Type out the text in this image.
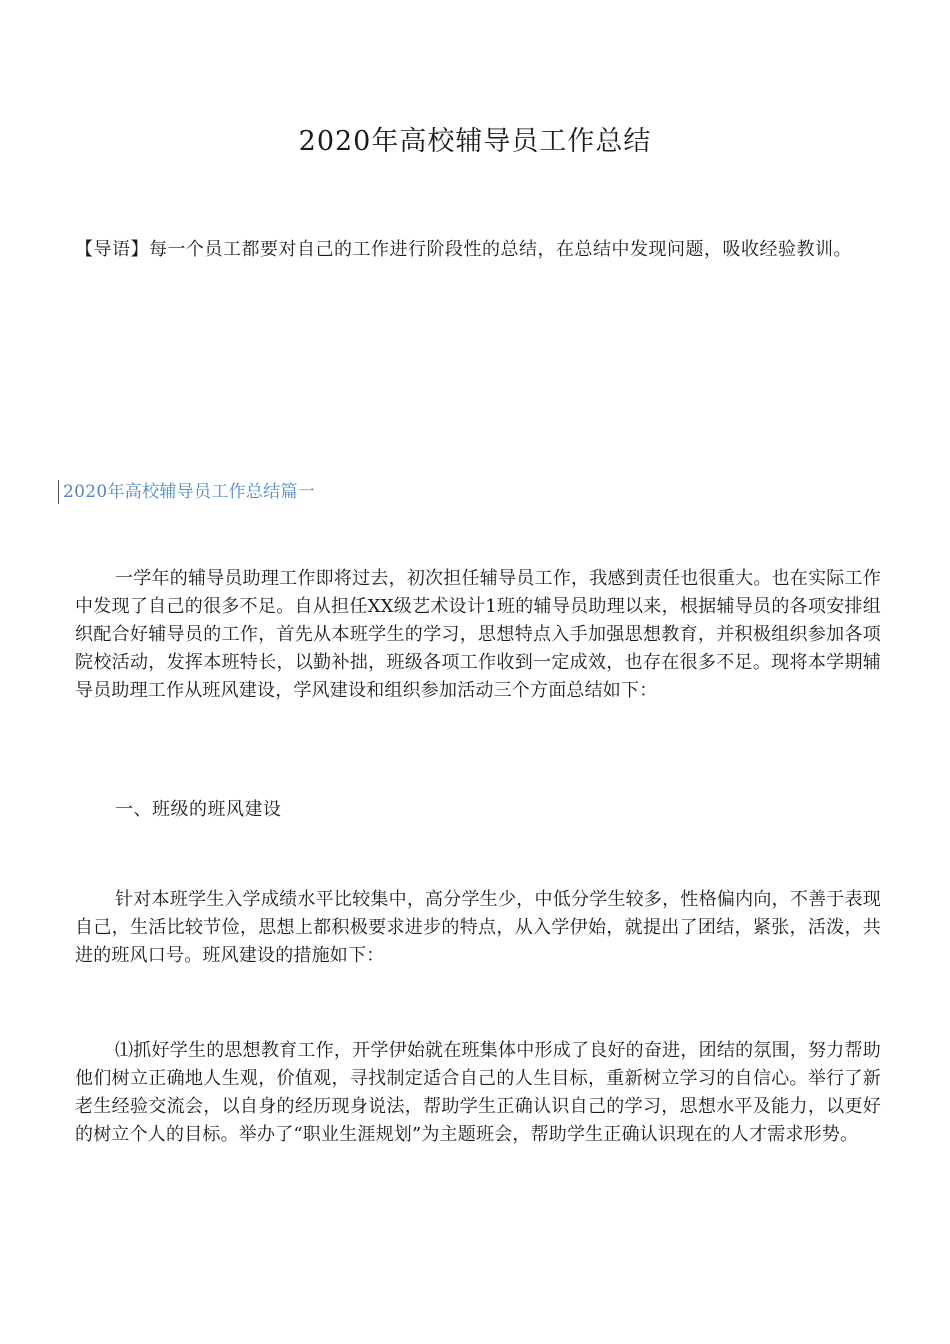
2020年高校辅导员工作总结
【导语】每一个员工都要对自己的工作进行阶段性的总结，在总结中发现问题，吸收经验教训。
2020年高校辅导员工作总结篇一
一学年的辅导员助理工作即将过去，初次担任辅导员工作，我感到责任也很重大。也在实际工作中发现了自己的很多不足。自从担任XX级艺术设计1班的辅导员助理以来，根据辅导员的各项安排组织配合好辅导员的工作，首先从本班学生的学习，思想特点入手加强思想教育，并积极组织参加各项院校活动，发挥本班特长，以勤补拙，班级各项工作收到一定成效，也存在很多不足。现将本学期辅导员助理工作从班风建设，学风建设和组织参加活动三个方面总结如下：
一、班级的班风建设
针对本班学生入学成绩水平比较集中，高分学生少，中低分学生较多，性格偏内向，不善于表现自己，生活比较节俭，思想上都积极要求进步的特点，从入学伊始，就提出了团结，紧张，活泼，共进的班风口号。班风建设的措施如下：
⑴抓好学生的思想教育工作，开学伊始就在班集体中形成了良好的奋进，团结的氛围，努力帮助他们树立正确地人生观，价值观，寻找制定适合自己的人生目标，重新树立学习的自信心。举行了新老生经验交流会，以自身的经历现身说法，帮助学生正确认识自己的学习，思想水平及能力，以更好的树立个人的目标。举办了“职业生涯规划”为主题班会，帮助学生正确认识现在的人才需求形势。
